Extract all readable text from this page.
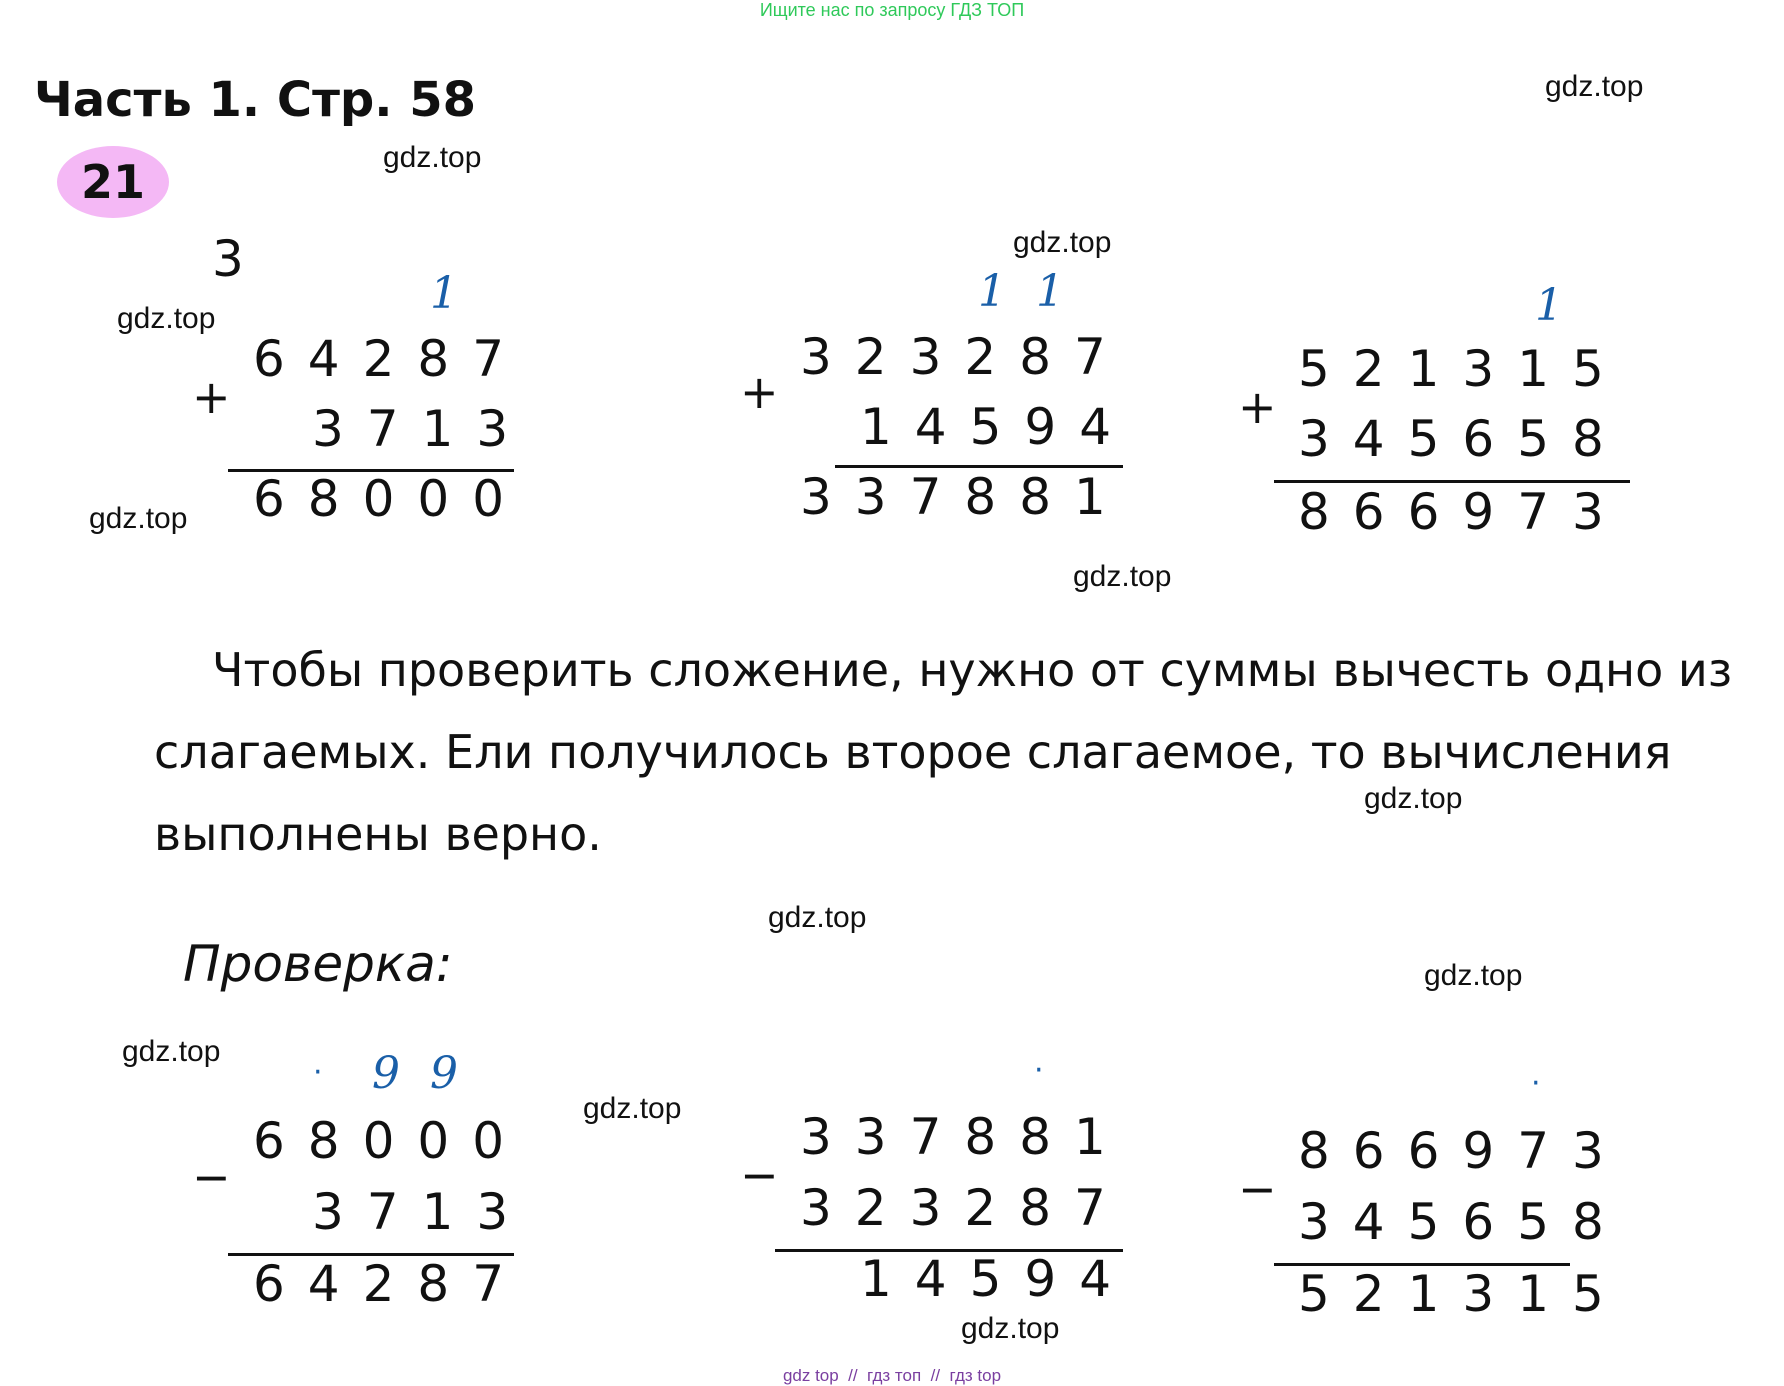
Ищите нас по запросу ГДЗ ТОП
Часть 1. Стр. 58
21
gdz.top
gdz.top
gdz.top
gdz.top
gdz.top
gdz.top
gdz.top
gdz.top
gdz.top
gdz.top
gdz.top
gdz.top
3
1
64287
+
3713
68000
11
323287
+
14594
337881
1
521315
+
345658
866973
Чтобы проверить сложение, нужно от суммы вычесть одно из
слагаемых. Ели получилось второе слагаемое, то вычисления
выполнены верно.
Проверка:
· 99
68000
−
3713
64287
·
337881
−
323287
14594
·
866973
−
345658
521315
gdz top  //  гдз топ  //  гдз top
